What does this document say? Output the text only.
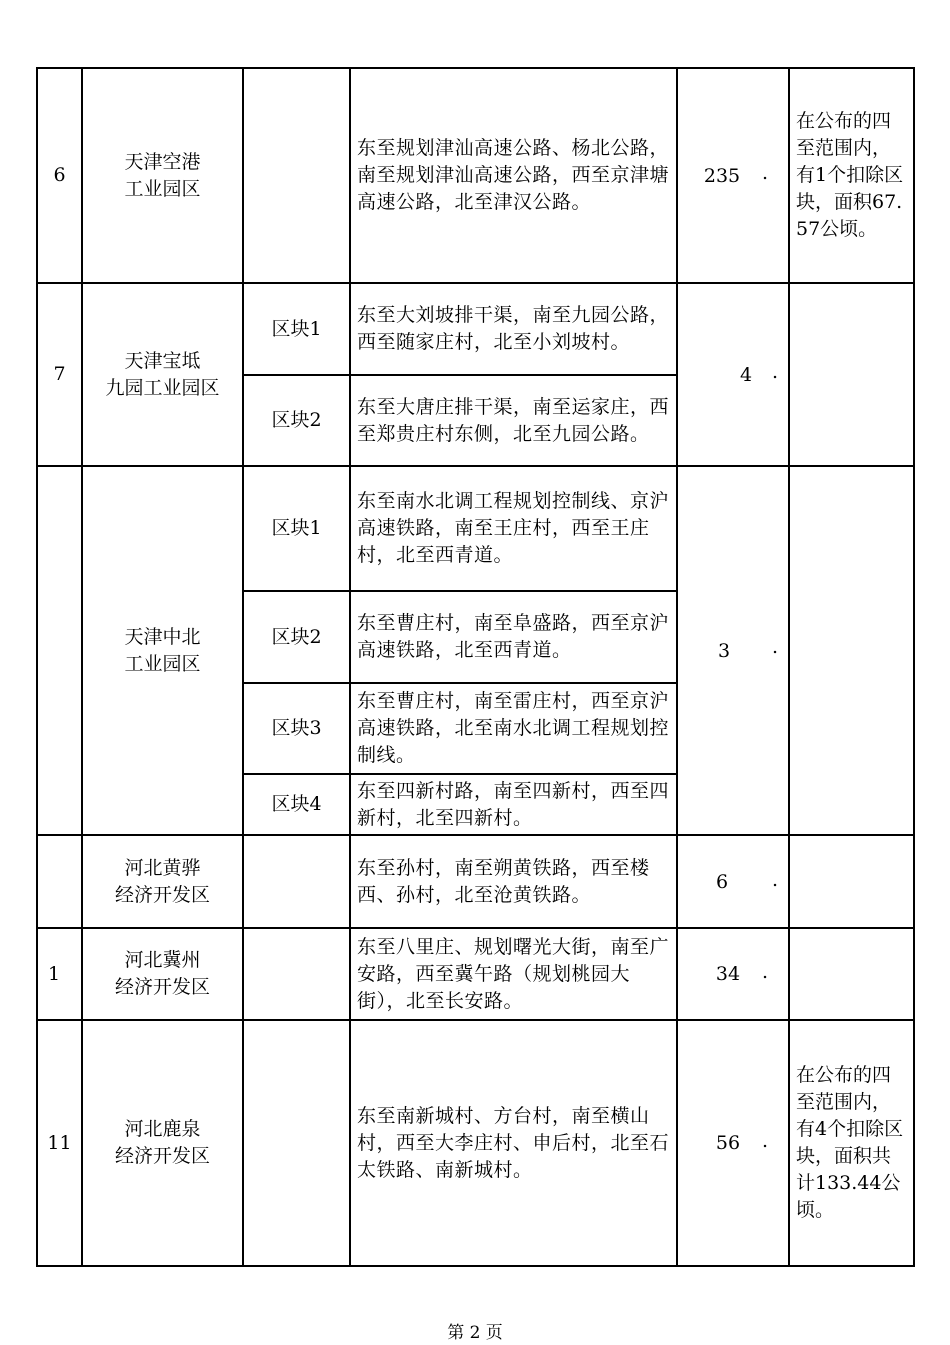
6
天津空港
工业园区
东至规划津汕高速公路、杨北公路，南至规划津汕高速公路，西至京津塘高速公路，北至津汉公路。
235 .
在公布的四至范围内，有1个扣除区块，面积67.57公顷。
7
天津宝坻
九园工业园区
区块1
东至大刘坡排干渠，南至九园公路，西至随家庄村，北至小刘坡村。
区块2
东至大唐庄排干渠，南至运家庄，西至郑贵庄村东侧，北至九园公路。
4 .
天津中北
工业园区
区块1
东至南水北调工程规划控制线、京沪高速铁路，南至王庄村，西至王庄村，北至西青道。
区块2
东至曹庄村，南至阜盛路，西至京沪高速铁路，北至西青道。
区块3
东至曹庄村，南至雷庄村，西至京沪高速铁路，北至南水北调工程规划控制线。
区块4
东至四新村路，南至四新村，西至四新村，北至四新村。
3 .
河北黄骅
经济开发区
东至孙村，南至朔黄铁路，西至楼西、孙村，北至沧黄铁路。
6 .
1
河北冀州
经济开发区
东至八里庄、规划曙光大街，南至广安路，西至冀午路（规划桃园大街），北至长安路。
34 .
11
河北鹿泉
经济开发区
东至南新城村、方台村，南至横山村，西至大李庄村、申后村，北至石太铁路、南新城村。
56 .
在公布的四至范围内，有4个扣除区块，面积共计133.44公顷。
第 2 页
